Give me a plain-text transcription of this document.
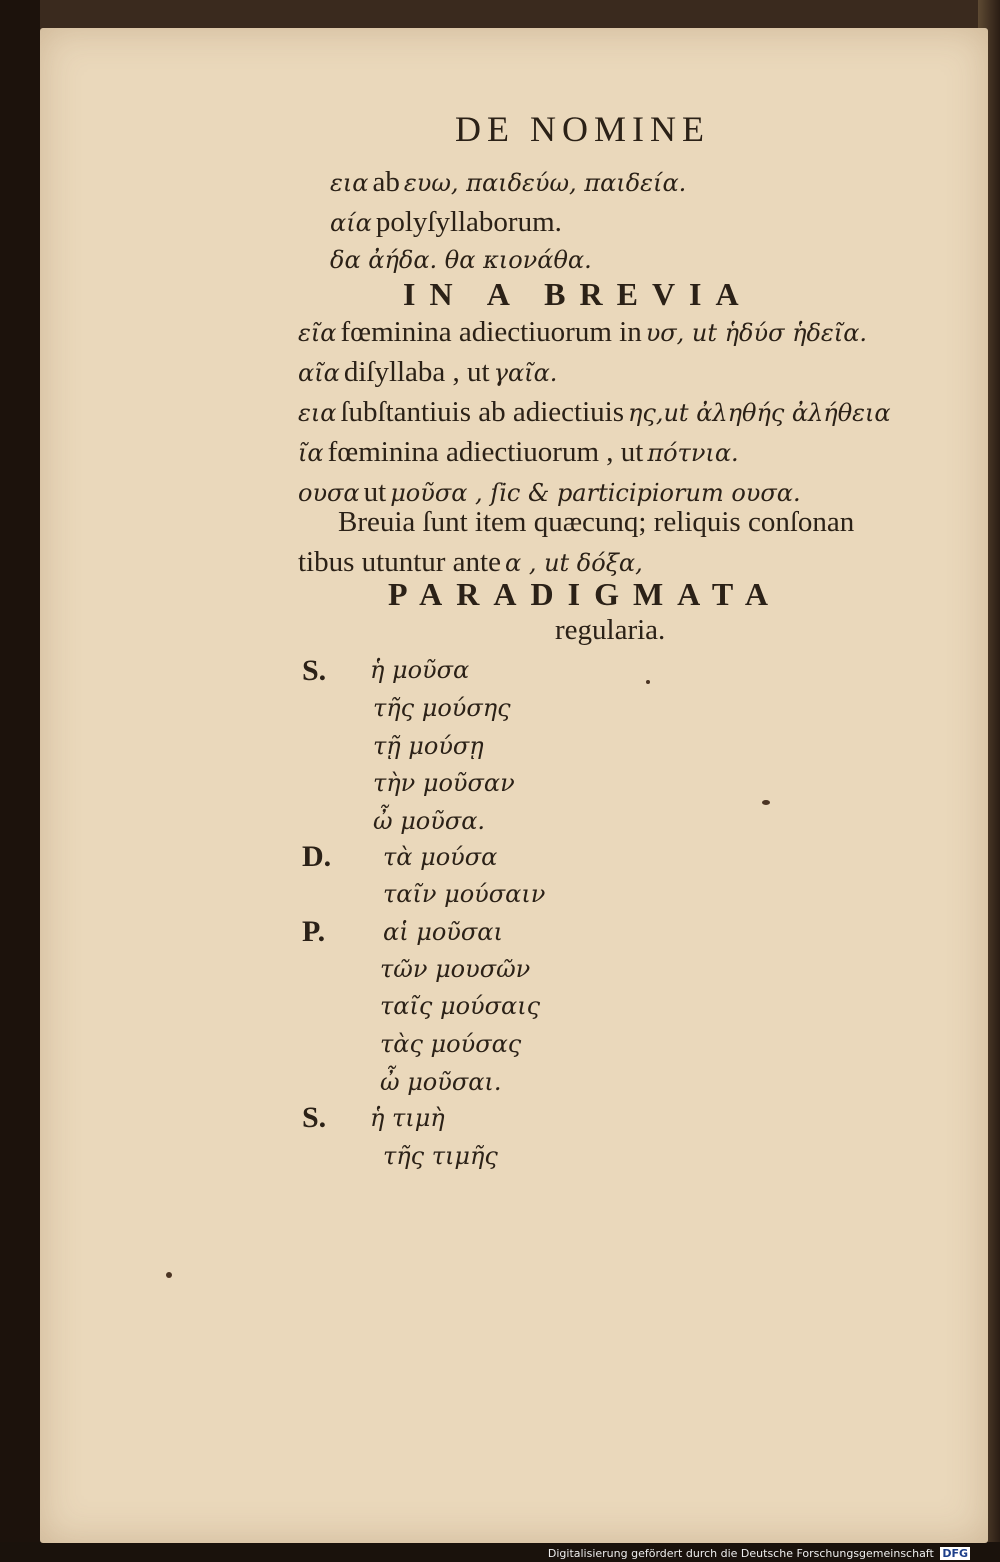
DE NOMINE
εια ab ευω, παιδεύω, παιδεία.
αία polyſyllaborum.
δα ἀήδα. θα κιονάθα.
IN A BREVIA
εῖα fœminina adiectiuorum in υσ, ut ἡδύσ ἡδεῖα.
αῖα diſyllaba , ut γαῖα.
εια ſubſtantiuis ab adiectiuis ης,ut ἀληθής ἀλήθεια
ῖα fœminina adiectiuorum , ut πότνια.
ουσα ut μοῦσα , ſic & participiorum ουσα.
Breuia ſunt item quæcunq; reliquis conſonan
tibus utuntur ante α , ut δόξα,
PARADIGMATA
regularia.
S.
D.
P.
S.
ἡ μοῦσα
τῆς μούσης
τῇ μούσῃ
τὴν μοῦσαν
ὦ μοῦσα.
τὰ μούσα
ταῖν μούσαιν
αἱ μοῦσαι
τῶν μουσῶν
ταῖς μούσαις
τὰς μούσας
ὦ μοῦσαι.
ἡ τιμὴ
τῆς τιμῆς
Digitalisierung gefördert durch die Deutsche Forschungsgemeinschaft DFG
